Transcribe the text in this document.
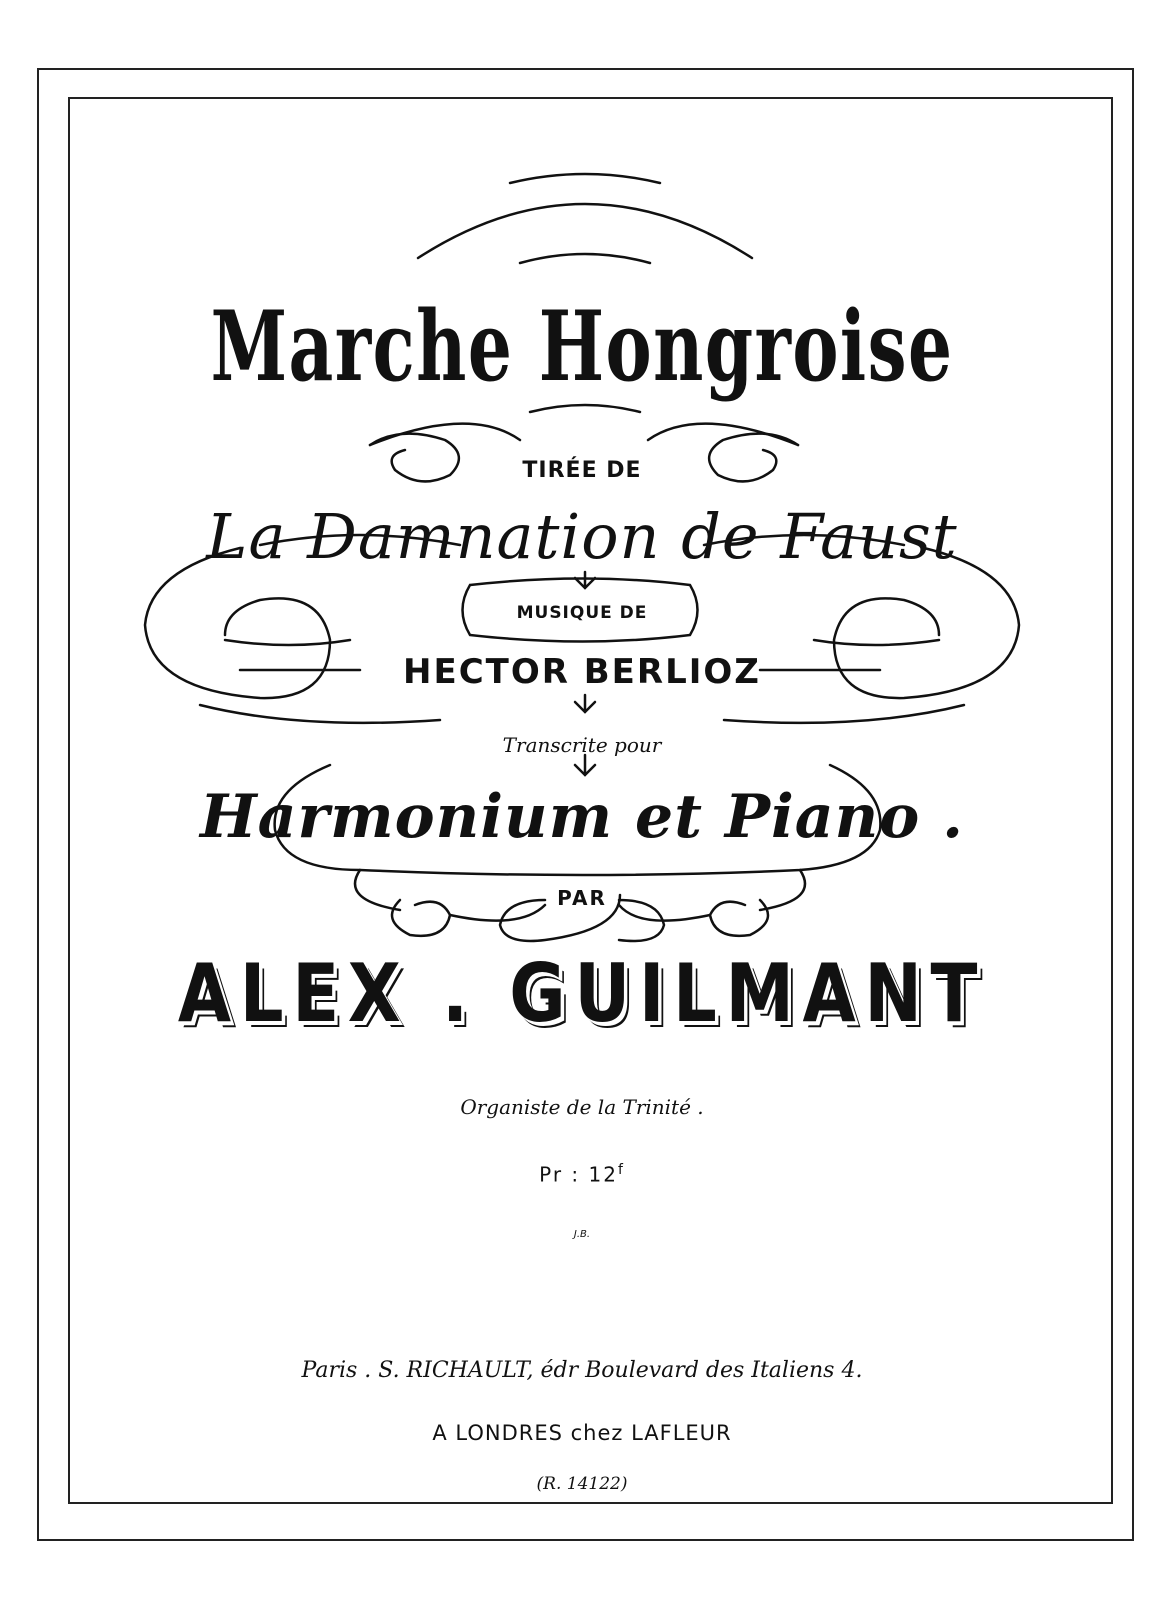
Marche Hongroise
TIRÉE DE
La Damnation de Faust
MUSIQUE DE
HECTOR BERLIOZ
Transcrite pour
Harmonium et Piano .
PAR
ALEX . GUILMANT
Organiste de la Trinité .
Pr : 12$^f$
J.B.
Paris . S. RICHAULT, édr Boulevard des Italiens 4.
A LONDRES chez LAFLEUR
(R. 14122)
